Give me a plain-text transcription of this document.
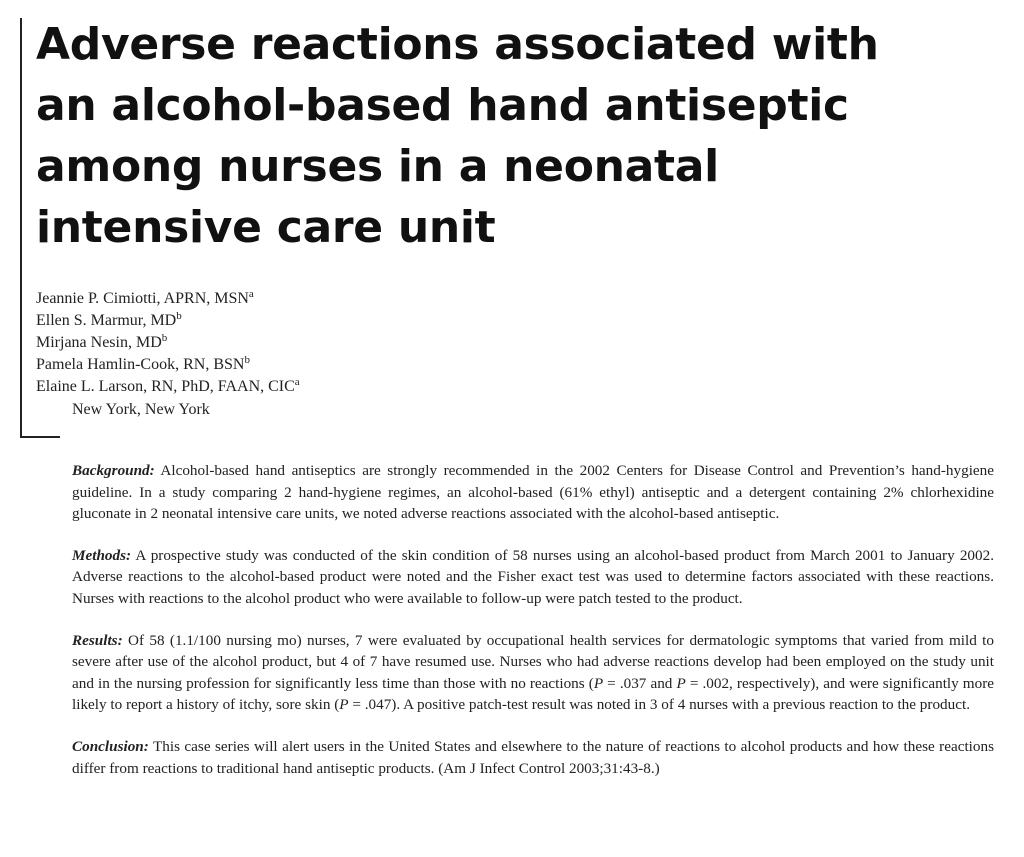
Adverse reactions associated with
an alcohol-based hand antiseptic
among nurses in a neonatal
intensive care unit
Jeannie P. Cimiotti, APRN, MSN$^a$
Ellen S. Marmur, $MD^b$
Mirjana Nesin, $MD^b$
Pamela Hamlin-Cook, RN, BSN$^b$
Elaine L. Larson, RN, PhD, FAAN, CIC$^a$
New York, New York

Background: Alcohol-based hand antiseptics are strongly recommended in the 2002 Centers for Disease Control and Prevention’s hand-hygiene guideline. In a study comparing 2 hand-hygiene regimes, an alcohol-based (61% ethyl) antiseptic and a detergent containing 2% chlorhexidine gluconate in 2 neonatal intensive care units, we noted adverse reactions associated with the alcohol-based antiseptic.

Methods: A prospective study was conducted of the skin condition of 58 nurses using an alcohol-based product from March 2001 to January 2002. Adverse reactions to the alcohol-based product were noted and the Fisher exact test was used to determine factors associated with these reactions. Nurses with reactions to the alcohol product who were available to follow-up were patch tested to the product.

Results: Of 58 (1.1/100 nursing mo) nurses, 7 were evaluated by occupational health services for dermatologic symptoms that varied from mild to severe after use of the alcohol product, but 4 of 7 have resumed use. Nurses who had adverse reactions develop had been employed on the study unit and in the nursing profession for significantly less time than those with no reactions (P = .037 and P = .002, respectively), and were significantly more likely to report a history of itchy, sore skin (P = .047). A positive patch-test result was noted in 3 of 4 nurses with a previous reaction to the product.

Conclusion: This case series will alert users in the United States and elsewhere to the nature of reactions to alcohol products and how these reactions differ from reactions to traditional hand antiseptic products. (Am J Infect Control 2003;31:43-8.)
